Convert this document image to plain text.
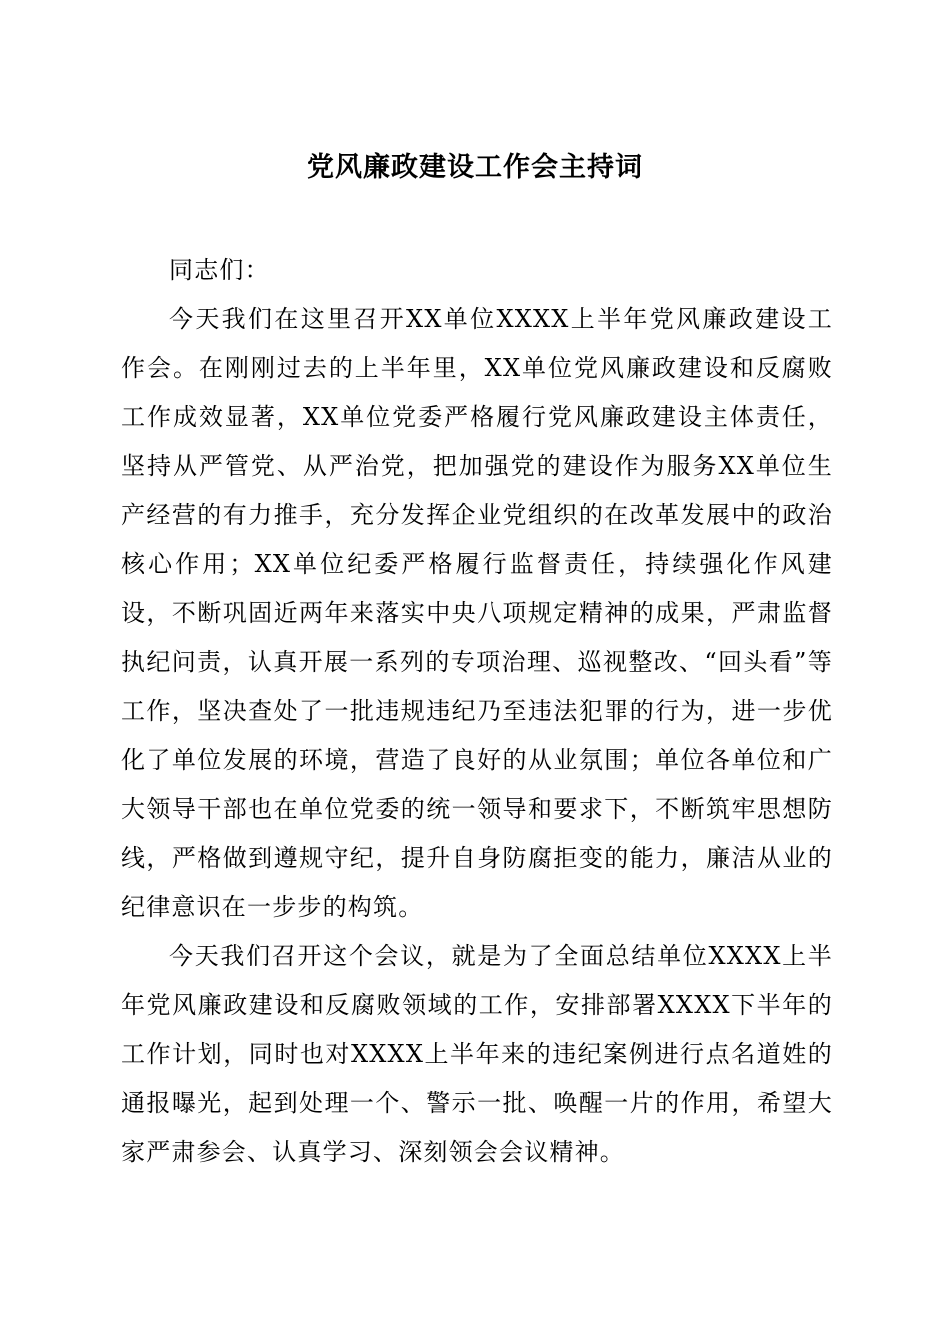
党风廉政建设工作会主持词

同志们：

今天我们在这里召开XX单位XXXX上半年党风廉政建设工作会。在刚刚过去的上半年里，XX单位党风廉政建设和反腐败工作成效显著，XX单位党委严格履行党风廉政建设主体责任，坚持从严管党、从严治党，把加强党的建设作为服务XX单位生产经营的有力推手，充分发挥企业党组织的在改革发展中的政治核心作用；XX单位纪委严格履行监督责任，持续强化作风建设，不断巩固近两年来落实中央八项规定精神的成果，严肃监督执纪问责，认真开展一系列的专项治理、巡视整改、“回头看”等工作，坚决查处了一批违规违纪乃至违法犯罪的行为，进一步优化了单位发展的环境，营造了良好的从业氛围；单位各单位和广大领导干部也在单位党委的统一领导和要求下，不断筑牢思想防线，严格做到遵规守纪，提升自身防腐拒变的能力，廉洁从业的纪律意识在一步步的构筑。

今天我们召开这个会议，就是为了全面总结单位XXXX上半年党风廉政建设和反腐败领域的工作，安排部署XXXX下半年的工作计划，同时也对XXXX上半年来的违纪案例进行点名道姓的通报曝光，起到处理一个、警示一批、唤醒一片的作用，希望大家严肃参会、认真学习、深刻领会会议精神。
